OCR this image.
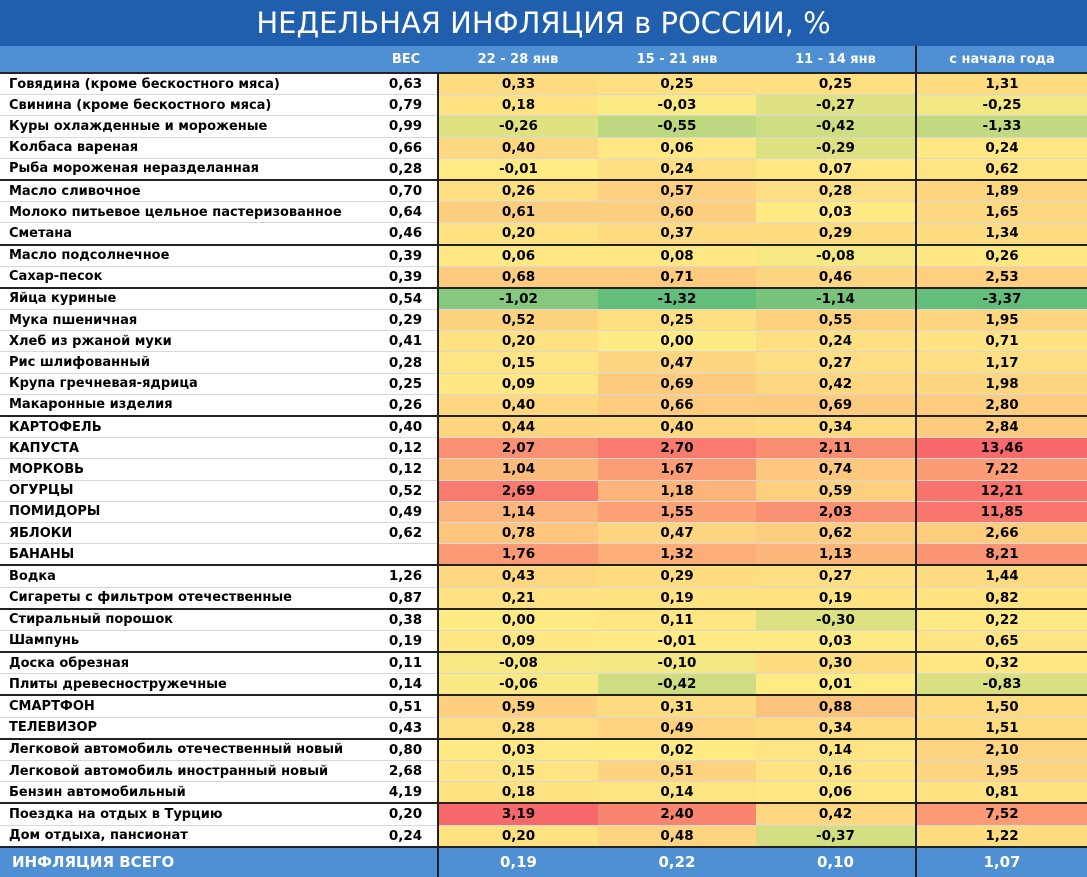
НЕДЕЛЬНАЯ ИНФЛЯЦИЯ в РОССИИ, %
	ВЕС	22 - 28 янв	15 - 21 янв	11 - 14 янв	с начала года
Говядина (кроме бескостного мяса)	0,63	0,33	0,25	0,25	1,31
Свинина (кроме бескостного мяса)	0,79	0,18	-0,03	-0,27	-0,25
Куры охлажденные и мороженые	0,99	-0,26	-0,55	-0,42	-1,33
Колбаса вареная	0,66	0,40	0,06	-0,29	0,24
Рыба мороженая неразделанная	0,28	-0,01	0,24	0,07	0,62
Масло сливочное	0,70	0,26	0,57	0,28	1,89
Молоко питьевое цельное пастеризованное	0,64	0,61	0,60	0,03	1,65
Сметана	0,46	0,20	0,37	0,29	1,34
Масло подсолнечное	0,39	0,06	0,08	-0,08	0,26
Сахар-песок	0,39	0,68	0,71	0,46	2,53
Яйца куриные	0,54	-1,02	-1,32	-1,14	-3,37
Мука пшеничная	0,29	0,52	0,25	0,55	1,95
Хлеб из ржаной муки	0,41	0,20	0,00	0,24	0,71
Рис шлифованный	0,28	0,15	0,47	0,27	1,17
Крупа гречневая-ядрица	0,25	0,09	0,69	0,42	1,98
Макаронные изделия	0,26	0,40	0,66	0,69	2,80
КАРТОФЕЛЬ	0,40	0,44	0,40	0,34	2,84
КАПУСТА	0,12	2,07	2,70	2,11	13,46
МОРКОВЬ	0,12	1,04	1,67	0,74	7,22
ОГУРЦЫ	0,52	2,69	1,18	0,59	12,21
ПОМИДОРЫ	0,49	1,14	1,55	2,03	11,85
ЯБЛОКИ	0,62	0,78	0,47	0,62	2,66
БАНАНЫ		1,76	1,32	1,13	8,21
Водка	1,26	0,43	0,29	0,27	1,44
Сигареты с фильтром отечественные	0,87	0,21	0,19	0,19	0,82
Стиральный порошок	0,38	0,00	0,11	-0,30	0,22
Шампунь	0,19	0,09	-0,01	0,03	0,65
Доска обрезная	0,11	-0,08	-0,10	0,30	0,32
Плиты древесностружечные	0,14	-0,06	-0,42	0,01	-0,83
СМАРТФОН	0,51	0,59	0,31	0,88	1,50
ТЕЛЕВИЗОР	0,43	0,28	0,49	0,34	1,51
Легковой автомобиль отечественный новый	0,80	0,03	0,02	0,14	2,10
Легковой автомобиль иностранный новый	2,68	0,15	0,51	0,16	1,95
Бензин автомобильный	4,19	0,18	0,14	0,06	0,81
Поездка на отдых в Турцию	0,20	3,19	2,40	0,42	7,52
Дом отдыха, пансионат	0,24	0,20	0,48	-0,37	1,22
ИНФЛЯЦИЯ ВСЕГО		0,19	0,22	0,10	1,07
